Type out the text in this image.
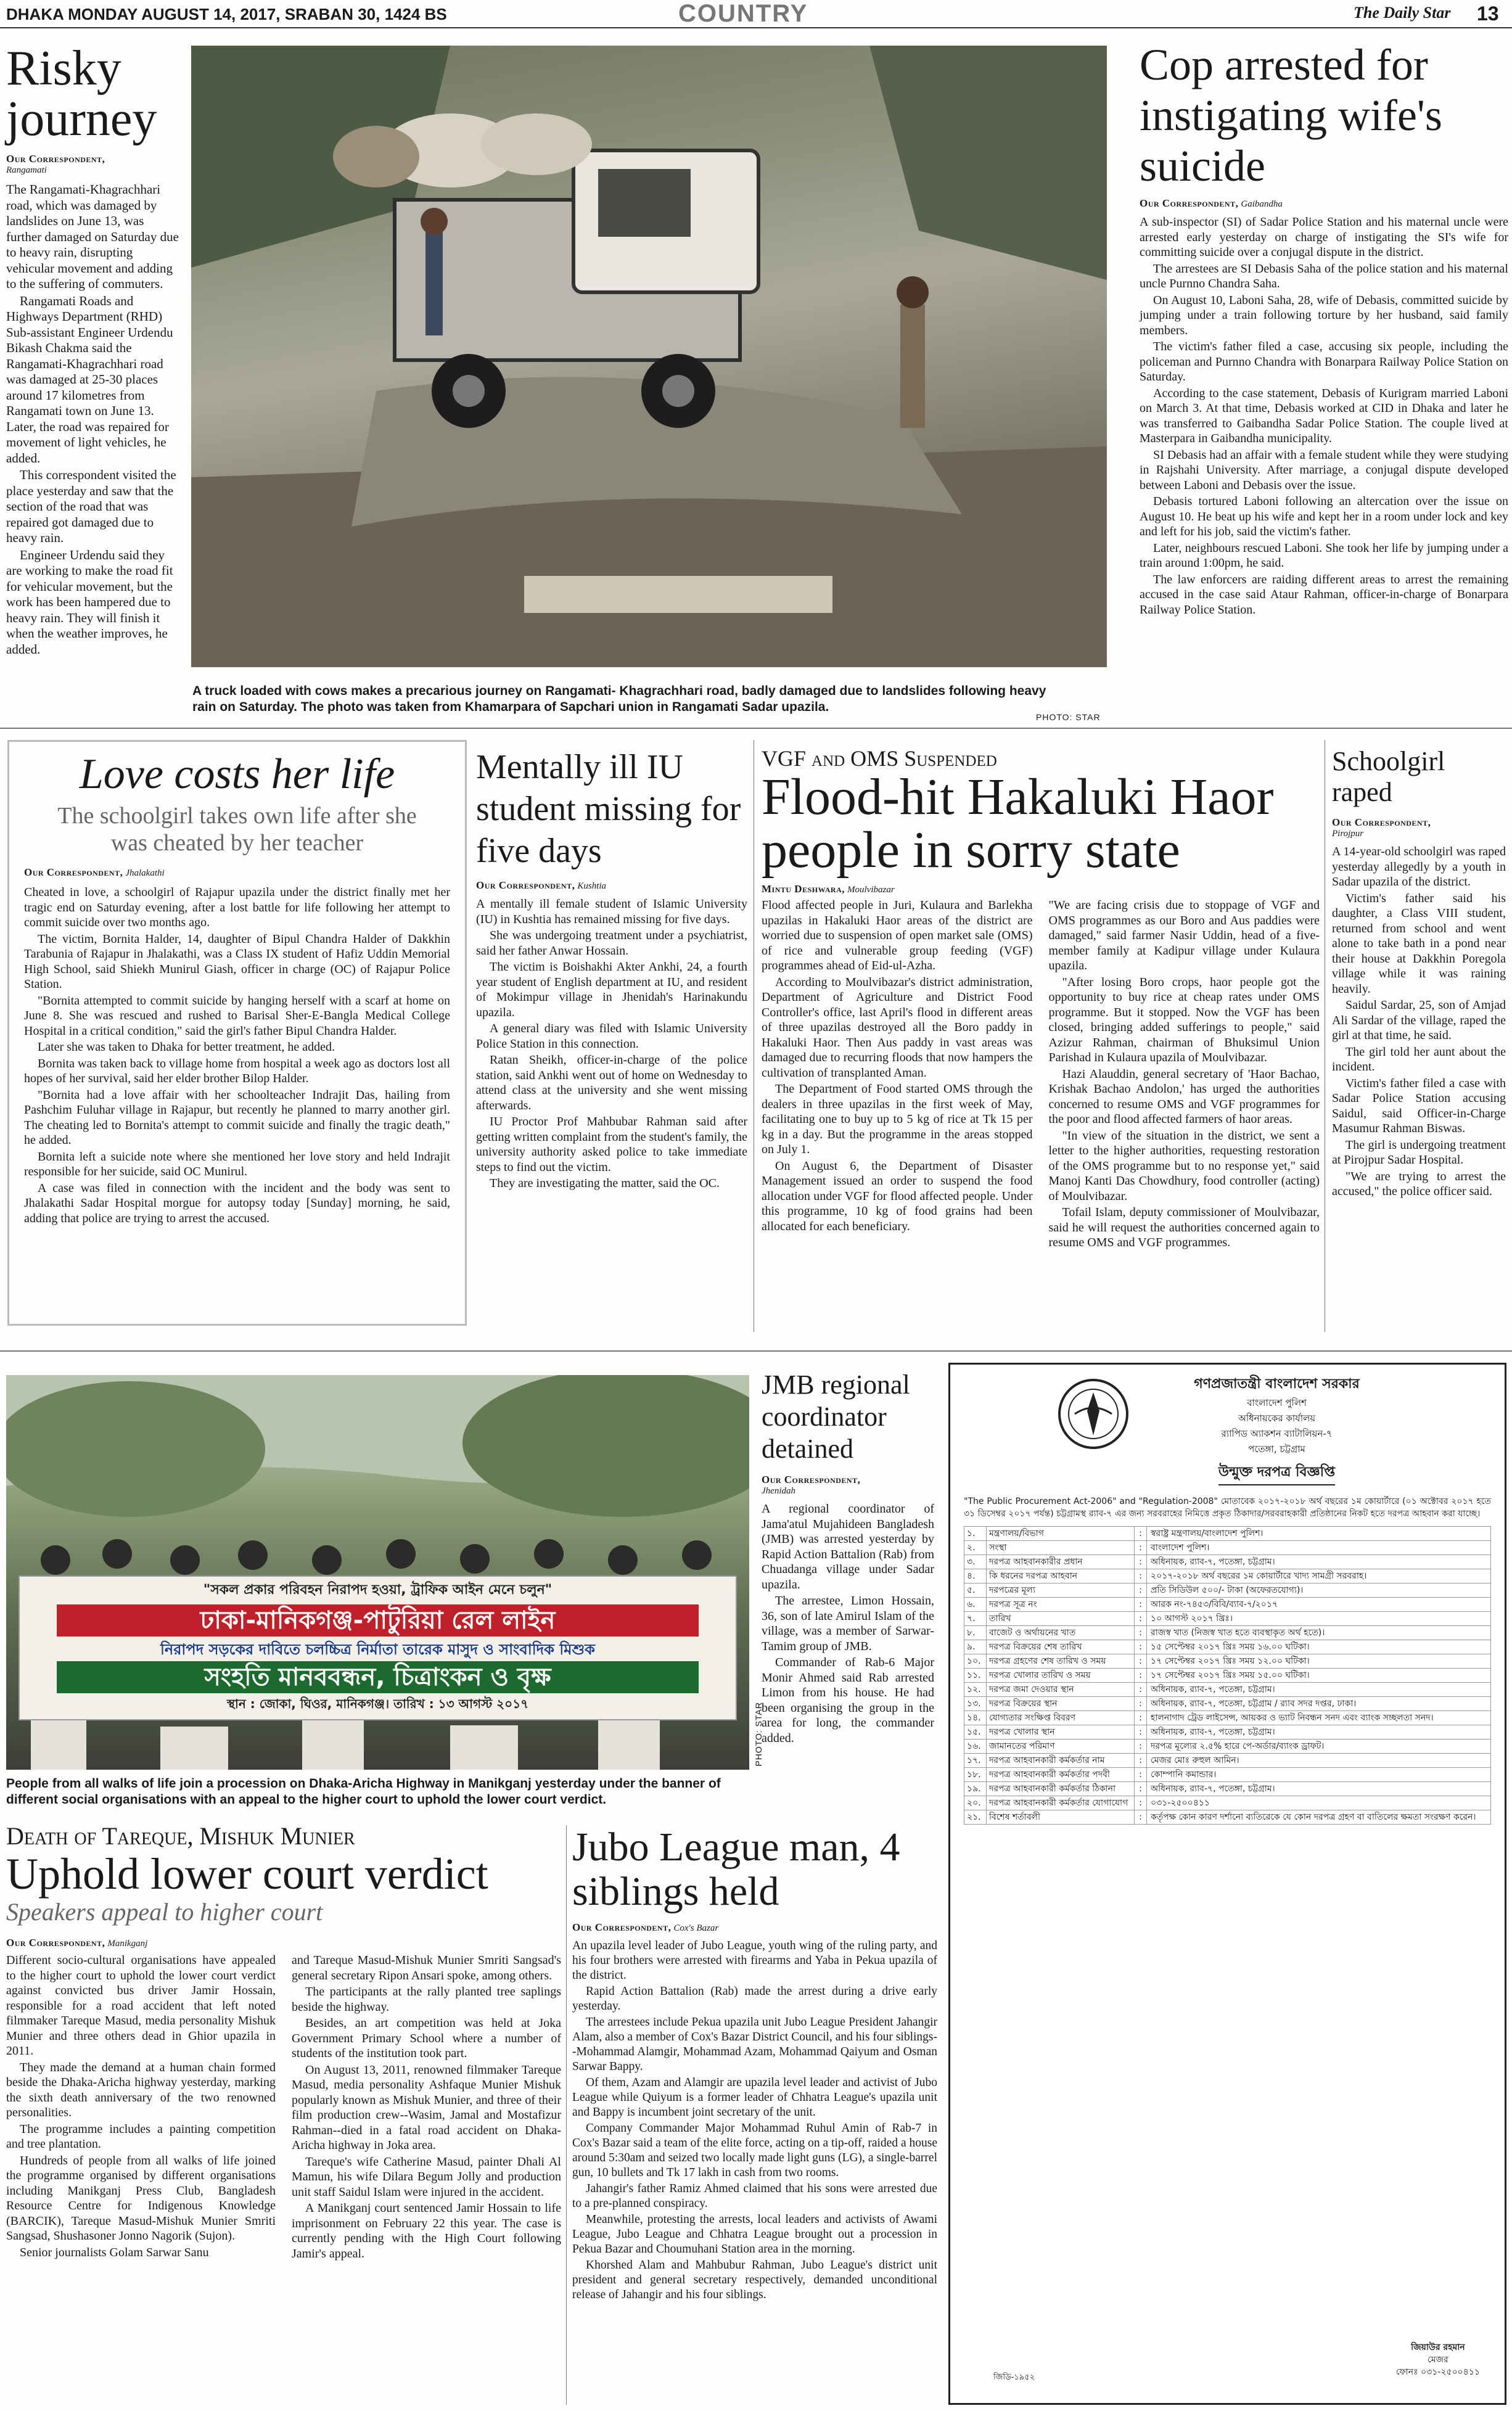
DHAKA MONDAY AUGUST 14, 2017, SRABAN 30, 1424 BS	COUNTRY	The Daily Star 13
Risky journey
Our Correspondent,
Rangamati

The Rangamati-Khagrachhari road, which was damaged by landslides on June 13, was further damaged on Saturday due to heavy rain, disrupting vehicular movement and adding to the suffering of commuters.

Rangamati Roads and Highways Department (RHD) Sub-assistant Engineer Urdendu Bikash Chakma said the Rangamati-Khagrachhari road was damaged at 25-30 places around 17 kilometres from Rangamati town on June 13. Later, the road was repaired for movement of light vehicles, he added.

This correspondent visited the place yesterday and saw that the section of the road that was repaired got damaged due to heavy rain.

Engineer Urdendu said they are working to make the road fit for vehicular movement, but the work has been hampered due to heavy rain. They will finish it when the weather improves, he added.

A truck loaded with cows makes a precarious journey on Rangamati- Khagrachhari road, badly damaged due to landslides following heavy rain on Saturday. The photo was taken from Khamarpara of Sapchari union in Rangamati Sadar upazila.
PHOTO: STAR
Cop arrested for instigating wife's suicide
Our Correspondent, Gaibandha

A sub-inspector (SI) of Sadar Police Station and his maternal uncle were arrested early yesterday on charge of instigating the SI's wife for committing suicide over a conjugal dispute in the district.

The arrestees are SI Debasis Saha of the police station and his maternal uncle Purnno Chandra Saha.

On August 10, Laboni Saha, 28, wife of Debasis, committed suicide by jumping under a train following torture by her husband, said family members.

The victim's father filed a case, accusing six people, including the policeman and Purnno Chandra with Bonarpara Railway Police Station on Saturday.

According to the case statement, Debasis of Kurigram married Laboni on March 3. At that time, Debasis worked at CID in Dhaka and later he was transferred to Gaibandha Sadar Police Station. The couple lived at Masterpara in Gaibandha municipality.

SI Debasis had an affair with a female student while they were studying in Rajshahi University. After marriage, a conjugal dispute developed between Laboni and Debasis over the issue.

Debasis tortured Laboni following an altercation over the issue on August 10. He beat up his wife and kept her in a room under lock and key and left for his job, said the victim's father.

Later, neighbours rescued Laboni. She took her life by jumping under a train around 1:00pm, he said.

The law enforcers are raiding different areas to arrest the remaining accused in the case said Ataur Rahman, officer-in-charge of Bonarpara Railway Police Station.

Love costs her life
The schoolgirl takes own life after she was cheated by her teacher
Our Correspondent, Jhalakathi

Cheated in love, a schoolgirl of Rajapur upazila under the district finally met her tragic end on Saturday evening, after a lost battle for life following her attempt to commit suicide over two months ago.

The victim, Bornita Halder, 14, daughter of Bipul Chandra Halder of Dakkhin Tarabunia of Rajapur in Jhalakathi, was a Class IX student of Hafiz Uddin Memorial High School, said Shiekh Munirul Giash, officer in charge (OC) of Rajapur Police Station.

"Bornita attempted to commit suicide by hanging herself with a scarf at home on June 8. She was rescued and rushed to Barisal Sher-E-Bangla Medical College Hospital in a critical condition," said the girl's father Bipul Chandra Halder.

Later she was taken to Dhaka for better treatment, he added.

Bornita was taken back to village home from hospital a week ago as doctors lost all hopes of her survival, said her elder brother Bilop Halder.

"Bornita had a love affair with her schoolteacher Indrajit Das, hailing from Pashchim Fuluhar village in Rajapur, but recently he planned to marry another girl. The cheating led to Bornita's attempt to commit suicide and finally the tragic death," he added.

Bornita left a suicide note where she mentioned her love story and held Indrajit responsible for her suicide, said OC Munirul.

A case was filed in connection with the incident and the body was sent to Jhalakathi Sadar Hospital morgue for autopsy today [Sunday] morning, he said, adding that police are trying to arrest the accused.

Mentally ill IU student missing for five days
Our Correspondent, Kushtia

A mentally ill female student of Islamic University (IU) in Kushtia has remained missing for five days.

She was undergoing treatment under a psychiatrist, said her father Anwar Hossain.

The victim is Boishakhi Akter Ankhi, 24, a fourth year student of English department at IU, and resident of Mokimpur village in Jhenidah's Harinakundu upazila.

A general diary was filed with Islamic University Police Station in this connection.

Ratan Sheikh, officer-in-charge of the police station, said Ankhi went out of home on Wednesday to attend class at the university and she went missing afterwards.

IU Proctor Prof Mahbubar Rahman said after getting written complaint from the student's family, the university authority asked police to take immediate steps to find out the victim.

They are investigating the matter, said the OC.

VGF and OMS Suspended
Flood-hit Hakaluki Haor people in sorry state
Mintu Deshwara, Moulvibazar

Flood affected people in Juri, Kulaura and Barlekha upazilas in Hakaluki Haor areas of the district are worried due to suspension of open market sale (OMS) of rice and vulnerable group feeding (VGF) programmes ahead of Eid-ul-Azha.

According to Moulvibazar's district administration, Department of Agriculture and District Food Controller's office, last April's flood in different areas of three upazilas destroyed all the Boro paddy in Hakaluki Haor. Then Aus paddy in vast areas was damaged due to recurring floods that now hampers the cultivation of transplanted Aman.

The Department of Food started OMS through the dealers in three upazilas in the first week of May, facilitating one to buy up to 5 kg of rice at Tk 15 per kg in a day. But the programme in the areas stopped on July 1.

On August 6, the Department of Disaster Management issued an order to suspend the food allocation under VGF for flood affected people. Under this programme, 10 kg of food grains had been allocated for each beneficiary.

"We are facing crisis due to stoppage of VGF and OMS programmes as our Boro and Aus paddies were damaged," said farmer Nasir Uddin, head of a five-member family at Kadipur village under Kulaura upazila.

"After losing Boro crops, haor people got the opportunity to buy rice at cheap rates under OMS programme. But it stopped. Now the VGF has been closed, bringing added sufferings to people," said Azizur Rahman, chairman of Bhuksimul Union Parishad in Kulaura upazila of Moulvibazar.

Hazi Alauddin, general secretary of 'Haor Bachao, Krishak Bachao Andolon,' has urged the authorities concerned to resume OMS and VGF programmes for the poor and flood affected farmers of haor areas.

"In view of the situation in the district, we sent a letter to the higher authorities, requesting restoration of the OMS programme but to no response yet," said Manoj Kanti Das Chowdhury, food controller (acting) of Moulvibazar.

Tofail Islam, deputy commissioner of Moulvibazar, said he will request the authorities concerned again to resume OMS and VGF programmes.

Schoolgirl raped
Our Correspondent,
Pirojpur

A 14-year-old schoolgirl was raped yesterday allegedly by a youth in Sadar upazila of the district.

Victim's father said his daughter, a Class VIII student, returned from school and went alone to take bath in a pond near their house at Dakkhin Poregola village while it was raining heavily.

Saidul Sardar, 25, son of Amjad Ali Sardar of the village, raped the girl at that time, he said.

The girl told her aunt about the incident.

Victim's father filed a case with Sadar Police Station accusing Saidul, said Officer-in-Charge Masumur Rahman Biswas.

The girl is undergoing treatment at Pirojpur Sadar Hospital.

"We are trying to arrest the accused," the police officer said.

"সকল প্রকার পরিবহন নিরাপদ হওয়া, ট্রাফিক আইন মেনে চলুন"
ঢাকা-মানিকগঞ্জ-পাটুরিয়া রেল লাইন
নিরাপদ সড়কের দাবিতে চলচ্চিত্র নির্মাতা তারেক মাসুদ ও সাংবাদিক মিশুক
সংহতি মানববন্ধন, চিত্রাংকন ও বৃক্ষ
স্থান : জোকা, ঘিওর, মানিকগঞ্জ। তারিখ : ১৩ আগস্ট ২০১৭	PHOTO: STAR
People from all walks of life join a procession on Dhaka-Aricha Highway in Manikganj yesterday under the banner of different social organisations with an appeal to the higher court to uphold the lower court verdict.
Death of Tareque, Mishuk Munier
Uphold lower court verdict
Speakers appeal to higher court
Our Correspondent, Manikganj

Different socio-cultural organisations have appealed to the higher court to uphold the lower court verdict against convicted bus driver Jamir Hossain, responsible for a road accident that left noted filmmaker Tareque Masud, media personality Mishuk Munier and three others dead in Ghior upazila in 2011.

They made the demand at a human chain formed beside the Dhaka-Aricha highway yesterday, marking the sixth death anniversary of the two renowned personalities.

The programme includes a painting competition and tree plantation.

Hundreds of people from all walks of life joined the programme organised by different organisations including Manikganj Press Club, Bangladesh Resource Centre for Indigenous Knowledge (BARCIK), Tareque Masud-Mishuk Munier Smriti Sangsad, Shushasoner Jonno Nagorik (Sujon).

Senior journalists Golam Sarwar Sanu

and Tareque Masud-Mishuk Munier Smriti Sangsad's general secretary Ripon Ansari spoke, among others.

The participants at the rally planted tree saplings beside the highway.

Besides, an art competition was held at Joka Government Primary School where a number of students of the institution took part.

On August 13, 2011, renowned filmmaker Tareque Masud, media personality Ashfaque Munier Mishuk popularly known as Mishuk Munier, and three of their film production crew--Wasim, Jamal and Mostafizur Rahman--died in a fatal road accident on Dhaka-Aricha highway in Joka area.

Tareque's wife Catherine Masud, painter Dhali Al Mamun, his wife Dilara Begum Jolly and production unit staff Saidul Islam were injured in the accident.

A Manikganj court sentenced Jamir Hossain to life imprisonment on February 22 this year. The case is currently pending with the High Court following Jamir's appeal.

JMB regional coordinator detained
Our Correspondent,
Jhenidah

A regional coordinator of Jama'atul Mujahideen Bangladesh (JMB) was arrested yesterday by Rapid Action Battalion (Rab) from Chuadanga village under Sadar upazila.

The arrestee, Limon Hossain, 36, son of late Amirul Islam of the village, was a member of Sarwar-Tamim group of JMB.

Commander of Rab-6 Major Monir Ahmed said Rab arrested Limon from his house. He had been organising the group in the area for long, the commander added.

Jubo League man, 4 siblings held
Our Correspondent, Cox's Bazar

An upazila level leader of Jubo League, youth wing of the ruling party, and his four brothers were arrested with firearms and Yaba in Pekua upazila of the district.

Rapid Action Battalion (Rab) made the arrest during a drive early yesterday.

The arrestees include Pekua upazila unit Jubo League President Jahangir Alam, also a member of Cox's Bazar District Council, and his four siblings--Mohammad Alamgir, Mohammad Azam, Mohammad Qaiyum and Osman Sarwar Bappy.

Of them, Azam and Alamgir are upazila level leader and activist of Jubo League while Quiyum is a former leader of Chhatra League's upazila unit and Bappy is incumbent joint secretary of the unit.

Company Commander Major Mohammad Ruhul Amin of Rab-7 in Cox's Bazar said a team of the elite force, acting on a tip-off, raided a house around 5:30am and seized two locally made light guns (LG), a single-barrel gun, 10 bullets and Tk 17 lakh in cash from two rooms.

Jahangir's father Ramiz Ahmed claimed that his sons were arrested due to a pre-planned conspiracy.

Meanwhile, protesting the arrests, local leaders and activists of Awami League, Jubo League and Chhatra League brought out a procession in Pekua Bazar and Choumuhani Station area in the morning.

Khorshed Alam and Mahbubur Rahman, Jubo League's district unit president and general secretary respectively, demanded unconditional release of Jahangir and his four siblings.

গণপ্রজাতন্ত্রী বাংলাদেশ সরকার
বাংলাদেশ পুলিশ
অধিনায়কের কার্যালয়
র‌্যাপিড অ্যাকশন ব্যাটালিয়ন-৭
পতেঙ্গা, চট্টগ্রাম
উন্মুক্ত দরপত্র বিজ্ঞপ্তি
"The Public Procurement Act-2006" and "Regulation-2008" মোতাবেক ২০১৭-২০১৮ অর্থ বছরের ১ম কোয়ার্টারে (০১ অক্টোবর ২০১৭ হতে ৩১ ডিসেম্বর ২০১৭ পর্যন্ত) চট্টগ্রামস্থ র‌্যাব-৭ এর জন্য সরবরাহের নিমিত্তে প্রকৃত ঠিকাদার/সরবরাহকারী প্রতিষ্ঠানের নিকট হতে দরপত্র আহবান করা যাচ্ছে।
১.	মন্ত্রণালয়/বিভাগ	:	স্বরাষ্ট্র মন্ত্রণালয়/বাংলাদেশ পুলিশ।
২.	সংস্থা	:	বাংলাদেশ পুলিশ।
৩.	দরপত্র আহবানকারীর প্রধান	:	অধিনায়ক, র‌্যাব-৭, পতেঙ্গা, চট্টগ্রাম।
৪.	কি ধরনের দরপত্র আহবান	:	২০১৭-২০১৮ অর্থ বছরের ১ম কোয়ার্টারে খাদ্য সামগ্রী সরবরাহ।
৫.	দরপত্রের মূল্য	:	প্রতি সিডিউল ৫০০/- টাকা (অফেরতযোগ্য)।
৬.	দরপত্র সূত্র নং	:	আরক নং-৭৪৫৩/বিবি/ব্যাব-৭/২০১৭
৭.	তারিখ	:	১০ আগস্ট ২০১৭ খ্রিঃ।
৮.	বাজেট ও অর্থায়নের খাত	:	রাজস্ব খাত (নিজস্ব খাত হতে ব্যবস্থাকৃত অর্থ হতে)।
৯.	দরপত্র বিক্রয়ের শেষ তারিখ	:	১৫ সেপ্টেম্বর ২০১৭ খ্রিঃ সময় ১৬.০০ ঘটিকা।
১০. দরপত্র গ্রহণের শেষ তারিখ ও সময়	:	১৭ সেপ্টেম্বর ২০১৭ খ্রিঃ সময় ১২.০০ ঘটিকা।
১১. দরপত্র খোলার তারিখ ও সময়	:	১৭ সেপ্টেম্বর ২০১৭ খ্রিঃ সময় ১৫.০০ ঘটিকা।
১২. দরপত্র জমা দেওয়ার স্থান	:	অধিনায়ক, র‌্যাব-৭, পতেঙ্গা, চট্টগ্রাম।
১৩. দরপত্র বিক্রয়ের স্থান	:	অধিনায়ক, র‌্যাব-৭, পতেঙ্গা, চট্টগ্রাম / র‌্যাব সদর দপ্তর, ঢাকা।
১৪. যোগ্যতার সংক্ষিপ্ত বিবরণ	:	হালনাগাদ ট্রেড লাইসেন্স, আয়কর ও ভ্যাট নিবন্ধন সনদ এবং ব্যাংক সচ্ছলতা সনদ।
১৫. দরপত্র খোলার স্থান	:	অধিনায়ক, র‌্যাব-৭, পতেঙ্গা, চট্টগ্রাম।
১৬. জামানতের পরিমাণ	:	দরপত্র মূল্যের ২.৫% হারে পে-অর্ডার/ব্যাংক ড্রাফট।
১৭. দরপত্র আহবানকারী কর্মকর্তার নাম	:	মেজর মোঃ রুহুল আমিন।
১৮. দরপত্র আহবানকারী কর্মকর্তার পদবী	:	কোম্পানি কমান্ডার।
১৯. দরপত্র আহবানকারী কর্মকর্তার ঠিকানা	:	অধিনায়ক, র‌্যাব-৭, পতেঙ্গা, চট্টগ্রাম।
২০. দরপত্র আহবানকারী কর্মকর্তার যোগাযোগ	:	০৩১-২৫০০৪১১
২১. বিশেষ শর্তাবলী	:	কর্তৃপক্ষ কোন কারণ দর্শানো ব্যতিরেকে যে কোন দরপত্র গ্রহণ বা বাতিলের ক্ষমতা সংরক্ষণ করেন।
জিয়াউর রহমান
মেজর
ফোনঃ ০৩১-২৫০০৪১১
জিডি-১৯৫২
